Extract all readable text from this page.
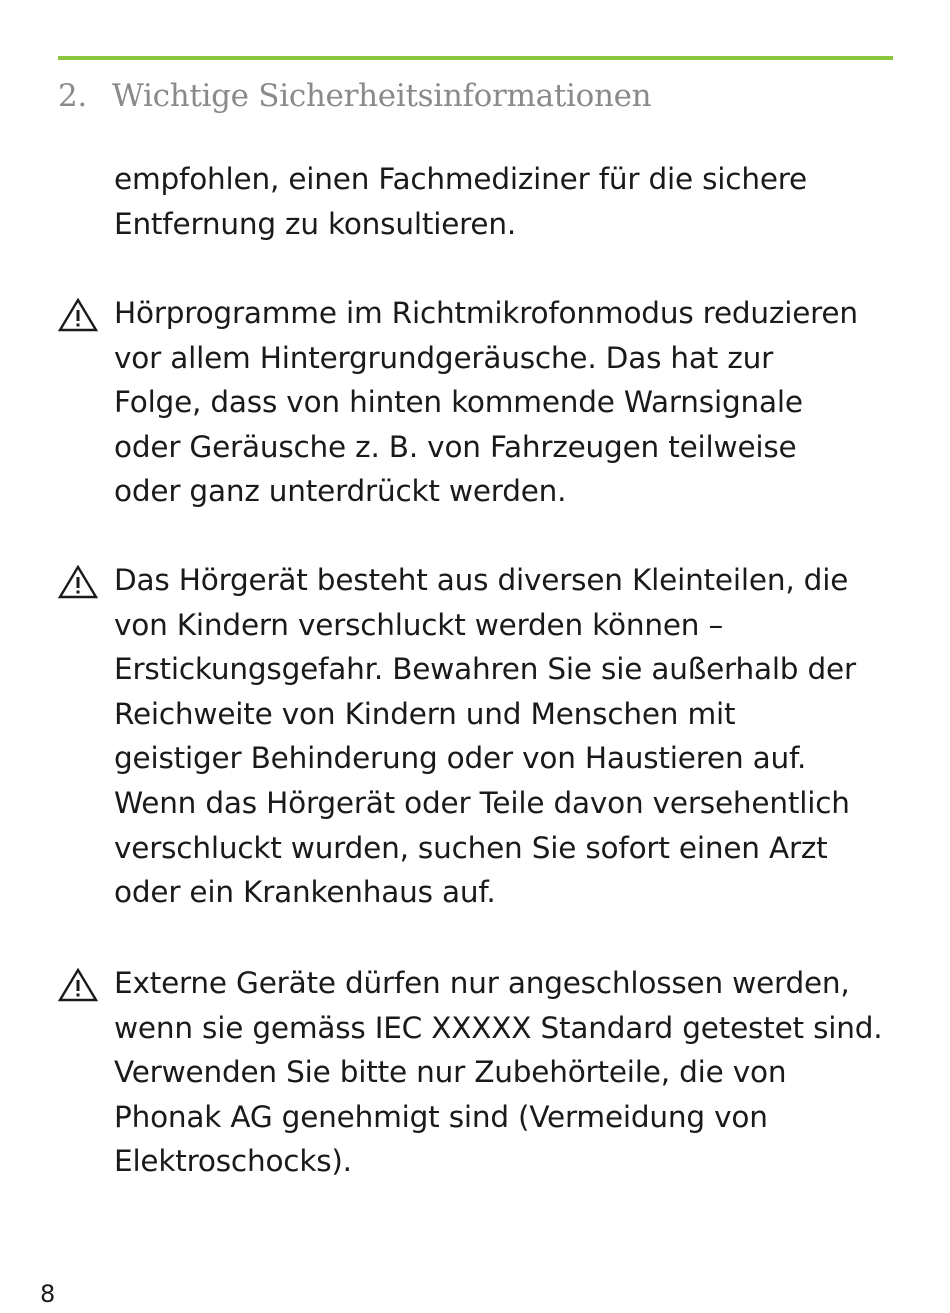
2. Wichtige Sicherheitsinformationen

empfohlen, einen Fachmediziner für die sichere
Entfernung zu konsultieren.

Hörprogramme im Richtmikrofonmodus reduzieren
vor allem Hintergrundgeräusche. Das hat zur
Folge, dass von hinten kommende Warnsignale
oder Geräusche z. B. von Fahrzeugen teilweise
oder ganz unterdrückt werden.

Das Hörgerät besteht aus diversen Kleinteilen, die
von Kindern verschluckt werden können –
Erstickungsgefahr. Bewahren Sie sie außerhalb der
Reichweite von Kindern und Menschen mit
geistiger Behinderung oder von Haustieren auf.
Wenn das Hörgerät oder Teile davon versehentlich
verschluckt wurden, suchen Sie sofort einen Arzt
oder ein Krankenhaus auf.

Externe Geräte dürfen nur angeschlossen werden,
wenn sie gemäss IEC XXXXX Standard getestet sind.
Verwenden Sie bitte nur Zubehörteile, die von
Phonak AG genehmigt sind (Vermeidung von
Elektroschocks).

8
